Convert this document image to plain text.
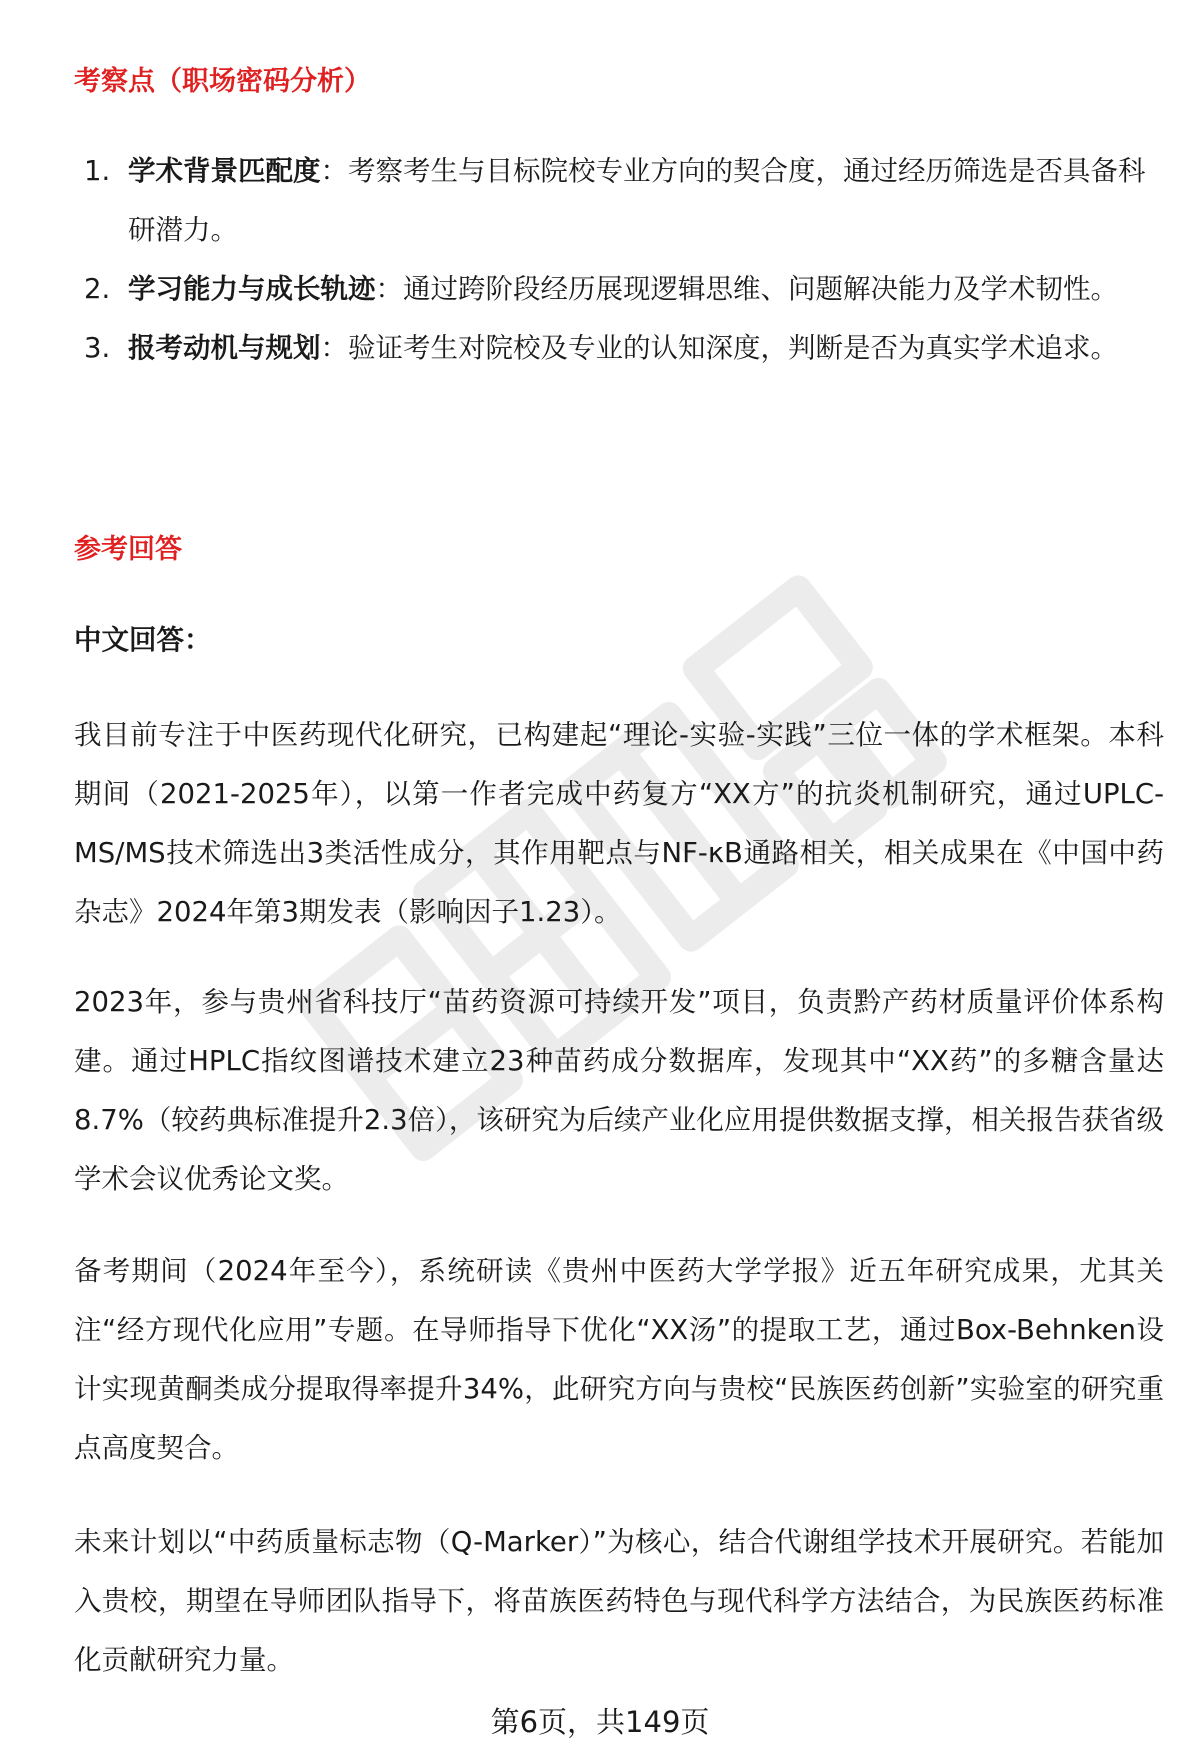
考察点（职场密码分析）
1. 学术背景匹配度：考察考生与目标院校专业方向的契合度，通过经历筛选是否具备科研潜力。
2. 学习能力与成长轨迹：通过跨阶段经历展现逻辑思维、问题解决能力及学术韧性。
3. 报考动机与规划：验证考生对院校及专业的认知深度，判断是否为真实学术追求。
参考回答
中文回答：

我目前专注于中医药现代化研究，已构建起“理论-实验-实践”三位一体的学术框架。本科期间（2021-2025年），以第一作者完成中药复方“XX方”的抗炎机制研究，通过UPLC-MS/MS技术筛选出3类活性成分，其作用靶点与NF-κB通路相关，相关成果在《中国中药杂志》2024年第3期发表（影响因子1.23）。

2023年，参与贵州省科技厅“苗药资源可持续开发”项目，负责黔产药材质量评价体系构建。通过HPLC指纹图谱技术建立23种苗药成分数据库，发现其中“XX药”的多糖含量达8.7%（较药典标准提升2.3倍），该研究为后续产业化应用提供数据支撑，相关报告获省级学术会议优秀论文奖。

备考期间（2024年至今），系统研读《贵州中医药大学学报》近五年研究成果，尤其关注“经方现代化应用”专题。在导师指导下优化“XX汤”的提取工艺，通过Box-Behnken设计实现黄酮类成分提取得率提升34%，此研究方向与贵校“民族医药创新”实验室的研究重点高度契合。

未来计划以“中药质量标志物（Q-Marker）”为核心，结合代谢组学技术开展研究。若能加入贵校，期望在导师团队指导下，将苗族医药特色与现代科学方法结合，为民族医药标准化贡献研究力量。

第6页，共149页
